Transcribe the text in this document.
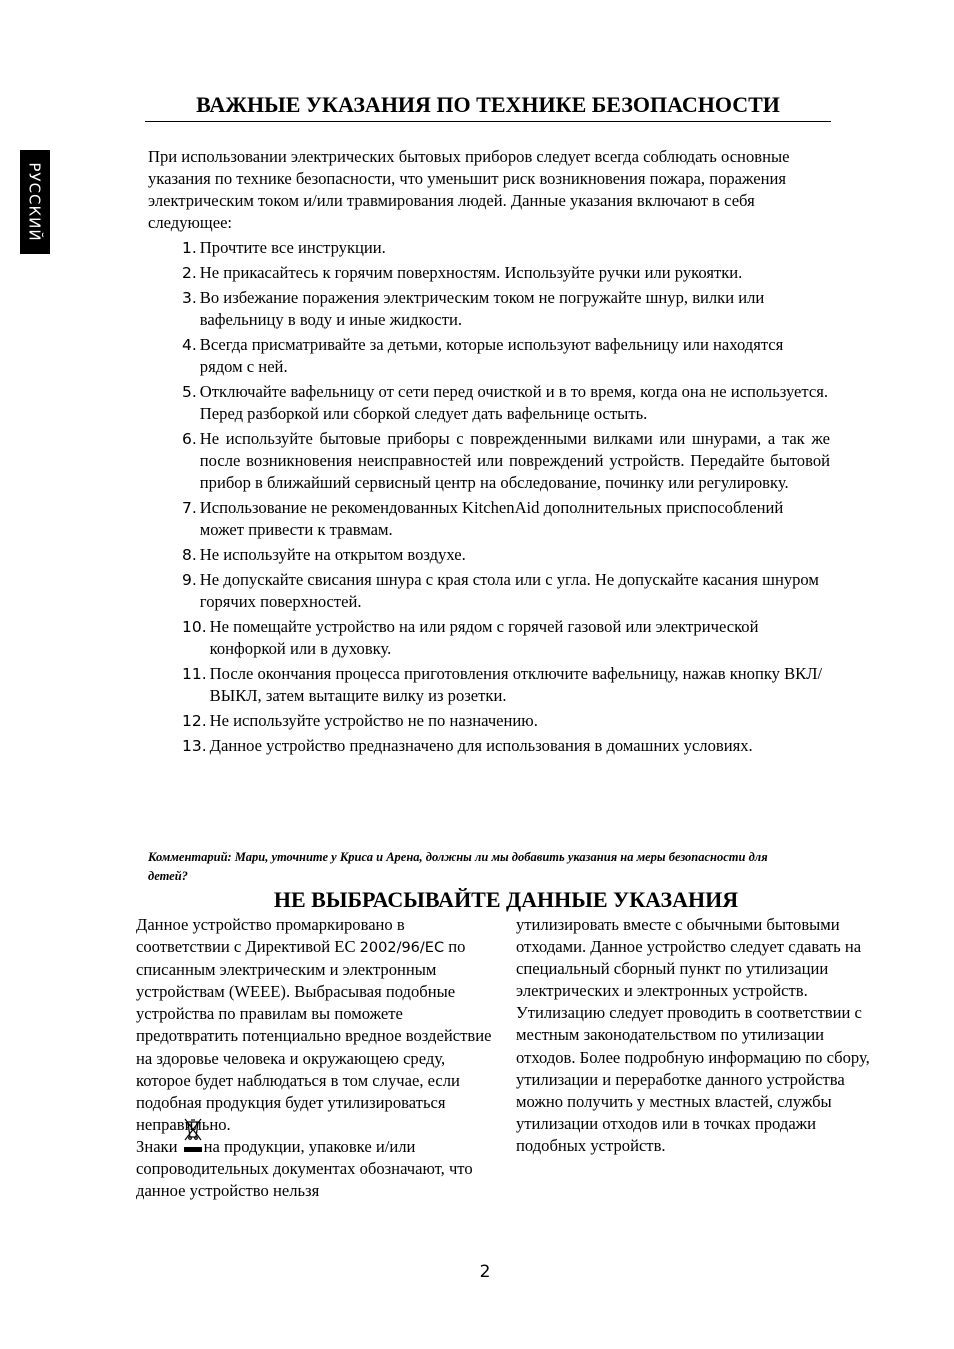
РУССКИЙ
ВАЖНЫЕ УКАЗАНИЯ ПО ТЕХНИКЕ БЕЗОПАСНОСТИ

При использовании электрических бытовых приборов следует всегда соблюдать основные указания по технике безопасности, что уменьшит риск возникновения пожара, поражения электрическим током и/или травмирования людей. Данные указания включают в себя следующее:

1. Прочтите все инструкции.
2. Не прикасайтесь к горячим поверхностям. Используйте ручки или рукоятки.
3. Во избежание поражения электрическим током не погружайте шнур, вилки или вафельницу в воду и иные жидкости.
4. Всегда присматривайте за детьми, которые используют вафельницу или находятся рядом с ней.
5. Отключайте вафельницу от сети перед очисткой и в то время, когда она не используется. Перед разборкой или сборкой следует дать вафельнице остыть.
6. Не используйте бытовые приборы с поврежденными вилками или шнурами, а так же после возникновения неисправностей или повреждений устройств. Передайте бытовой прибор в ближайший сервисный центр на обследование, починку или регулировку.
7. Использование не рекомендованных KitchenAid дополнительных приспособлений может привести к травмам.
8. Не используйте на открытом воздухе.
9. Не допускайте свисания шнура с края стола или с угла. Не допускайте касания шнуром горячих поверхностей.
10. Не помещайте устройство на или рядом с горячей газовой или электрической конфоркой или в духовку.
11. После окончания процесса приготовления отключите вафельницу, нажав кнопку ВКЛ/ВЫКЛ, затем вытащите вилку из розетки.
12. Не используйте устройство не по назначению.
13. Данное устройство предназначено для использования в домашних условиях.
Комментарий: Мари, уточните у Криса и Арена, должны ли мы добавить указания на меры безопасности для детей?
НЕ ВЫБРАСЫВАЙТЕ ДАННЫЕ УКАЗАНИЯ

Данное устройство промаркировано в соответствии с Директивой ЕС 2002/96/EC по списанным электрическим и электронным устройствам (WEEE). Выбрасывая подобные устройства по правилам вы поможете предотвратить потенциально вредное воздействие на здоровье человека и окружающею среду, которое будет наблюдаться в том случае, если подобная продукция будет утилизироваться неправильно.

Знаки
на продукции, упаковке и/или сопроводительных документах обозначают, что данное устройство нельзя

утилизировать вместе с обычными бытовыми отходами. Данное устройство следует сдавать на специальный сборный пункт по утилизации электрических и электронных устройств.

Утилизацию следует проводить в соответствии с местным законодательством по утилизации отходов. Более подробную информацию по сбору, утилизации и переработке данного устройства можно получить у местных властей, службы утилизации отходов или в точках продажи подобных устройств.

2
